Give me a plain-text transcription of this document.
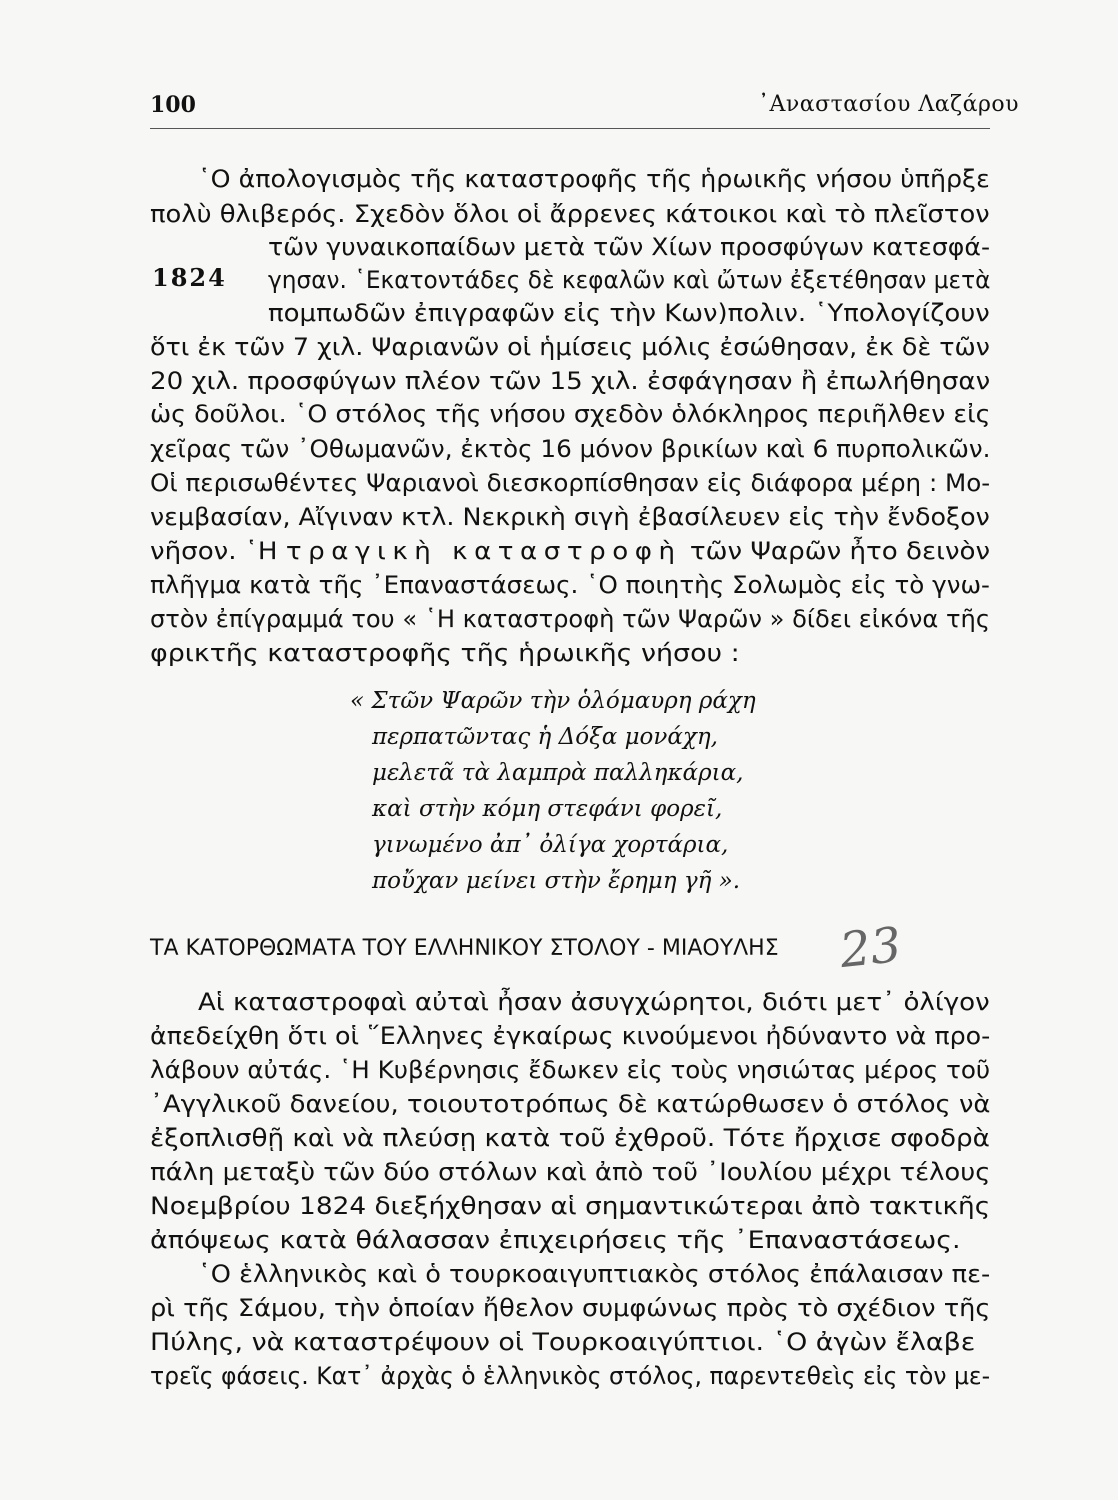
100	᾿Αναστασίου Λαζάρου
1824
῾Ο ἀπολογισμὸς τῆς καταστροφῆς τῆς ἡρωικῆς νήσου ὑπῆρξε
πολὺ θλιβερός. Σχεδὸν ὅλοι οἱ ἄρρενες κάτοικοι καὶ τὸ πλεῖστον
τῶν γυναικοπαίδων μετὰ τῶν Χίων προσφύγων κατεσφά-
γησαν. ῾Εκατοντάδες δὲ κεφαλῶν καὶ ὤτων ἐξετέθησαν μετὰ
πομπωδῶν ἐπιγραφῶν εἰς τὴν Κων)πολιν. ῾Υπολογίζουν
ὅτι ἐκ τῶν 7 χιλ. Ψαριανῶν οἱ ἡμίσεις μόλις ἐσώθησαν, ἐκ δὲ τῶν
20 χιλ. προσφύγων πλέον τῶν 15 χιλ. ἐσφάγησαν ἢ ἐπωλήθησαν
ὡς δοῦλοι. ῾Ο στόλος τῆς νήσου σχεδὸν ὁλόκληρος περιῆλθεν εἰς
χεῖρας τῶν ᾿Οθωμανῶν, ἐκτὸς 16 μόνον βρικίων καὶ 6 πυρπολικῶν.
Οἱ περισωθέντες Ψαριανοὶ διεσκορπίσθησαν εἰς διάφορα μέρη : Μο-
νεμβασίαν, Αἴγιναν κτλ. Νεκρικὴ σιγὴ ἐβασίλευεν εἰς τὴν ἔνδοξον
νῆσον. ῾Η τραγικὴ καταστροφὴ τῶν Ψαρῶν ἦτο δεινὸν
πλῆγμα κατὰ τῆς ᾿Επαναστάσεως. ῾Ο ποιητὴς Σολωμὸς εἰς τὸ γνω-
στὸν ἐπίγραμμά του « ῾Η καταστροφὴ τῶν Ψαρῶν » δίδει εἰκόνα τῆς
φρικτῆς καταστροφῆς τῆς ἡρωικῆς νήσου :
« Στῶν Ψαρῶν τὴν ὁλόμαυρη ράχη
περπατῶντας ἡ Δόξα μονάχη,
μελετᾶ τὰ λαμπρὰ παλληκάρια,
καὶ στὴν κόμη στεφάνι φορεῖ,
γινωμένο ἀπ᾿ ὀλίγα χορτάρια,
ποὔχαν μείνει στὴν ἔρημη γῆ ».
ΤΑ ΚΑΤΟΡΘΩΜΑΤΑ ΤΟΥ ΕΛΛΗΝΙΚΟΥ ΣΤΟΛΟΥ - ΜΙΑΟΥΛΗΣ 23
Αἱ καταστροφαὶ αὐταὶ ἦσαν ἀσυγχώρητοι, διότι μετ᾿ ὀλίγον
ἀπεδείχθη ὅτι οἱ ῞Ελληνες ἐγκαίρως κινούμενοι ἠδύναντο νὰ προ-
λάβουν αὐτάς. ῾Η Κυβέρνησις ἔδωκεν εἰς τοὺς νησιώτας μέρος τοῦ
᾿Αγγλικοῦ δανείου, τοιουτοτρόπως δὲ κατώρθωσεν ὁ στόλος νὰ
ἐξοπλισθῇ καὶ νὰ πλεύσῃ κατὰ τοῦ ἐχθροῦ. Τότε ἤρχισε σφοδρὰ
πάλη μεταξὺ τῶν δύο στόλων καὶ ἀπὸ τοῦ ᾿Ιουλίου μέχρι τέλους
Νοεμβρίου 1824 διεξήχθησαν αἱ σημαντικώτεραι ἀπὸ τακτικῆς
ἀπόψεως κατὰ θάλασσαν ἐπιχειρήσεις τῆς ᾿Επαναστάσεως.
῾Ο ἑλληνικὸς καὶ ὁ τουρκοαιγυπτιακὸς στόλος ἐπάλαισαν πε-
ρὶ τῆς Σάμου, τὴν ὁποίαν ἤθελον συμφώνως πρὸς τὸ σχέδιον τῆς
Πύλης, νὰ καταστρέψουν οἱ Τουρκοαιγύπτιοι. ῾Ο ἀγὼν ἔλαβε
τρεῖς φάσεις. Κατ᾿ ἀρχὰς ὁ ἑλληνικὸς στόλος, παρεντεθεὶς εἰς τὸν με-
